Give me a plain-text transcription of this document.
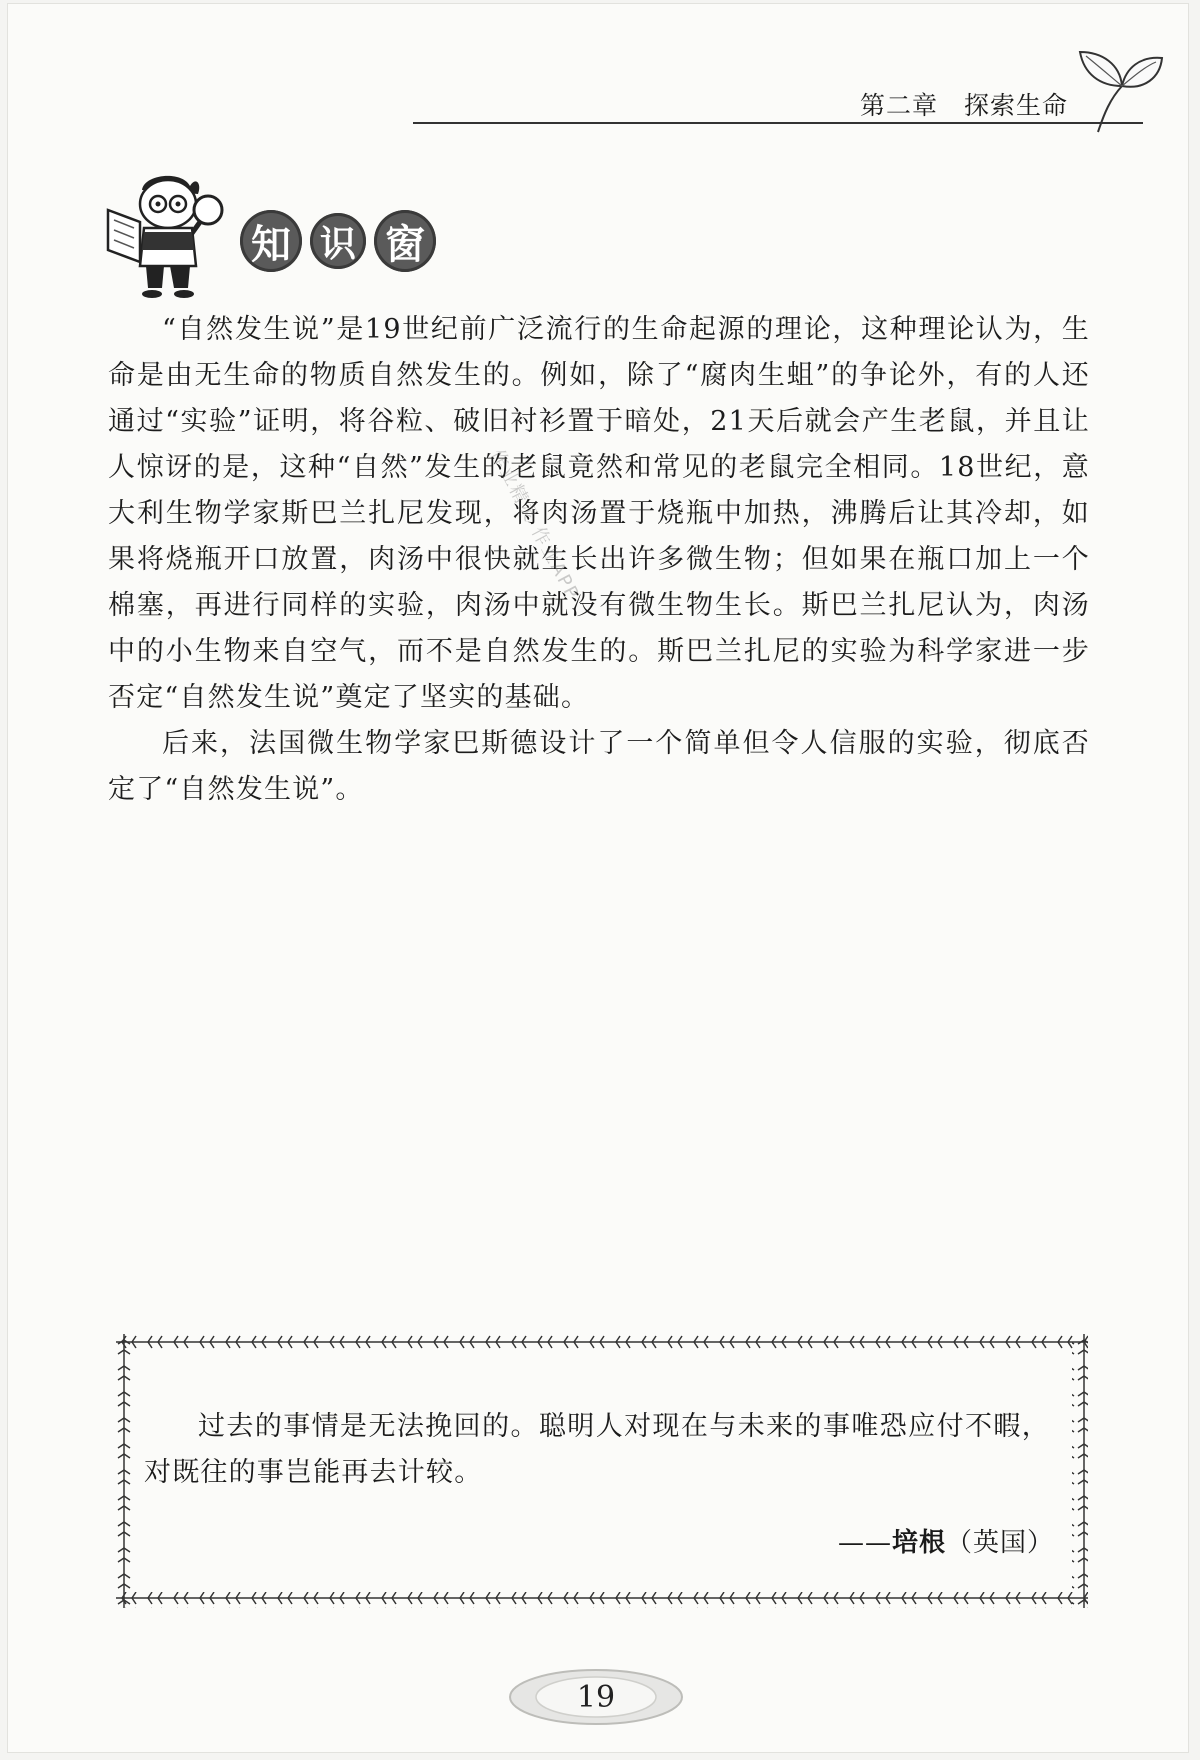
第二章　探索生命
知 识 窗

“自然发生说”是19世纪前广泛流行的生命起源的理论，这种理论认为，生命是由无生命的物质自然发生的。例如，除了“腐肉生蛆”的争论外，有的人还通过“实验”证明，将谷粒、破旧衬衫置于暗处，21天后就会产生老鼠，并且让人惊讶的是，这种“自然”发生的老鼠竟然和常见的老鼠完全相同。18世纪，意大利生物学家斯巴兰扎尼发现，将肉汤置于烧瓶中加热，沸腾后让其冷却，如果将烧瓶开口放置，肉汤中很快就生长出许多微生物；但如果在瓶口加上一个棉塞，再进行同样的实验，肉汤中就没有微生物生长。斯巴兰扎尼认为，肉汤中的小生物来自空气，而不是自然发生的。斯巴兰扎尼的实验为科学家进一步否定“自然发生说”奠定了坚实的基础。

后来，法国微生物学家巴斯德设计了一个简单但令人信服的实验，彻底否定了“自然发生说”。

作业精灵 作业APP

过去的事情是无法挽回的。聪明人对现在与未来的事唯恐应付不暇，对既往的事岂能再去计较。

——培根（英国）
19
